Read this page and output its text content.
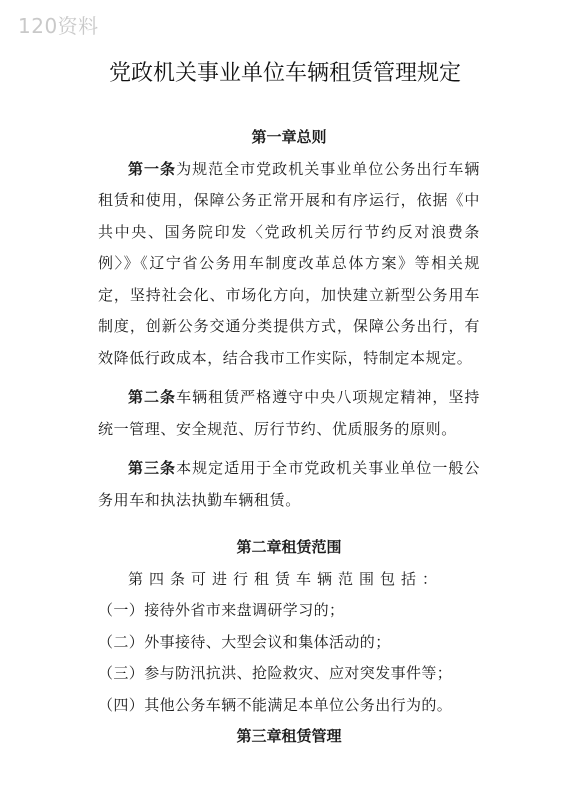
120资料
党政机关事业单位车辆租赁管理规定
第一章总则

第一条为规范全市党政机关事业单位公务出行车辆租赁和使用，保障公务正常开展和有序运行，依据《中共中央、国务院印发〈党政机关厉行节约反对浪费条例〉》《辽宁省公务用车制度改革总体方案》等相关规定，坚持社会化、市场化方向，加快建立新型公务用车制度，创新公务交通分类提供方式，保障公务出行，有效降低行政成本，结合我市工作实际，特制定本规定。

第二条车辆租赁严格遵守中央八项规定精神，坚持统一管理、安全规范、厉行节约、优质服务的原则。

第三条本规定适用于全市党政机关事业单位一般公务用车和执法执勤车辆租赁。

第二章租赁范围

第四条可进行租赁车辆范围包括：

（一）接待外省市来盘调研学习的；

（二）外事接待、大型会议和集体活动的；

（三）参与防汛抗洪、抢险救灾、应对突发事件等；

（四）其他公务车辆不能满足本单位公务出行为的。

第三章租赁管理
